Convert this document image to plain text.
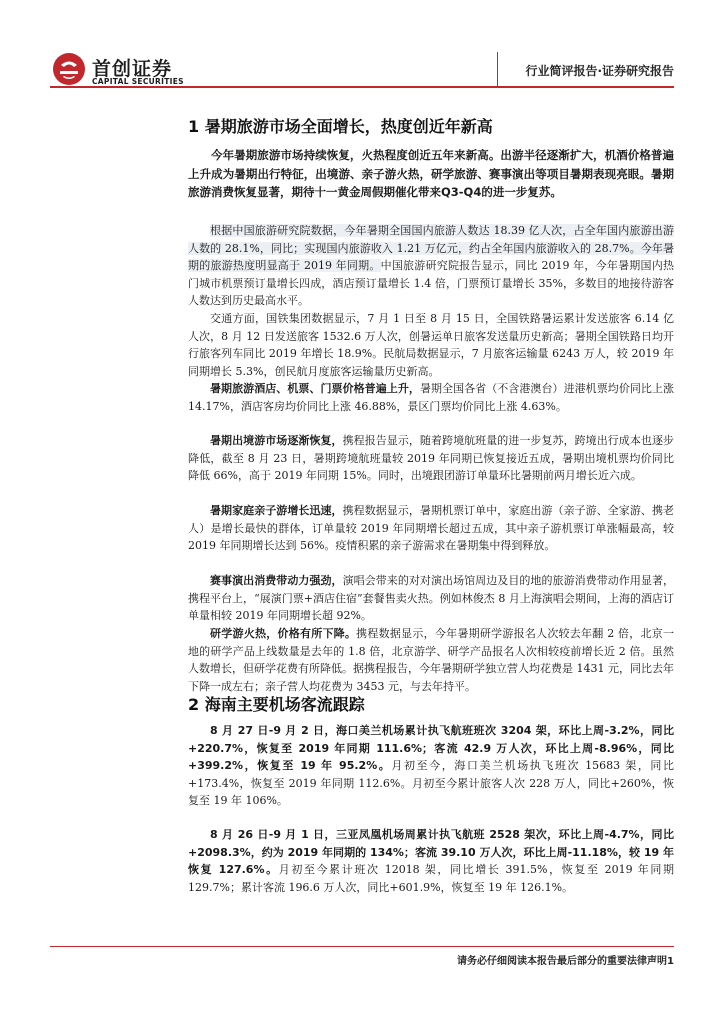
首创证券
CAPITAL SECURITIES
行业简评报告·证券研究报告
1 暑期旅游市场全面增长，热度创近年新高
今年暑期旅游市场持续恢复，火热程度创近五年来新高。出游半径逐渐扩大，机酒价格普遍上升成为暑期出行特征，出境游、亲子游火热，研学旅游、赛事演出等项目暑期表现亮眼。暑期旅游消费恢复显著，期待十一黄金周假期催化带来Q3-Q4的进一步复苏。
根据中国旅游研究院数据，今年暑期全国国内旅游人数达 18.39 亿人次，占全年国内旅游出游人数的 28.1%，同比；实现国内旅游收入 1.21 万亿元，约占全年国内旅游收入的 28.7%。今年暑期的旅游热度明显高于 2019 年同期。中国旅游研究院报告显示，同比 2019 年，今年暑期国内热门城市机票预订量增长四成，酒店预订量增长 1.4 倍，门票预订量增长 35%，多数目的地接待游客人数达到历史最高水平。
交通方面，国铁集团数据显示，7 月 1 日至 8 月 15 日，全国铁路暑运累计发送旅客 6.14 亿人次，8 月 12 日发送旅客 1532.6 万人次，创暑运单日旅客发送量历史新高；暑期全国铁路日均开行旅客列车同比 2019 年增长 18.9%。民航局数据显示，7 月旅客运输量 6243 万人，较 2019 年同期增长 5.3%，创民航月度旅客运输量历史新高。
暑期旅游酒店、机票、门票价格普遍上升，暑期全国各省（不含港澳台）进港机票均价同比上涨 14.17%，酒店客房均价同比上涨 46.88%，景区门票均价同比上涨 4.63%。
暑期出境游市场逐渐恢复，携程报告显示，随着跨境航班量的进一步复苏，跨境出行成本也逐步降低，截至 8 月 23 日，暑期跨境航班量较 2019 年同期已恢复接近五成，暑期出境机票均价同比降低 66%，高于 2019 年同期 15%。同时，出境跟团游订单量环比暑期前两月增长近六成。
暑期家庭亲子游增长迅速，携程数据显示，暑期机票订单中，家庭出游（亲子游、全家游、携老人）是增长最快的群体，订单量较 2019 年同期增长超过五成，其中亲子游机票订单涨幅最高，较 2019 年同期增长达到 56%。疫情积累的亲子游需求在暑期集中得到释放。
赛事演出消费带动力强劲，演唱会带来的对对演出场馆周边及目的地的旅游消费带动作用显著，携程平台上，“展演门票+酒店住宿”套餐售卖火热。例如林俊杰 8 月上海演唱会期间，上海的酒店订单量相较 2019 年同期增长超 92%。
研学游火热，价格有所下降。携程数据显示，今年暑期研学游报名人次较去年翻 2 倍，北京一地的研学产品上线数量是去年的 1.8 倍，北京游学、研学产品报名人次相较疫前增长近 2 倍。虽然人数增长，但研学花费有所降低。据携程报告，今年暑期研学独立营人均花费是 1431 元，同比去年下降一成左右；亲子营人均花费为 3453 元，与去年持平。
2 海南主要机场客流跟踪
8 月 27 日-9 月 2 日，海口美兰机场累计执飞航班班次 3204 架，环比上周-3.2%，同比+220.7%，恢复至 2019 年同期 111.6%；客流 42.9 万人次，环比上周-8.96%，同比+399.2%，恢复至 19 年 95.2%。月初至今，海口美兰机场执飞班次 15683 架，同比+173.4%，恢复至 2019 年同期 112.6%。月初至今累计旅客人次 228 万人，同比+260%，恢复至 19 年 106%。
8 月 26 日-9 月 1 日，三亚凤凰机场周累计执飞航班 2528 架次，环比上周-4.7%，同比+2098.3%，约为 2019 年同期的 134%；客流 39.10 万人次，环比上周-11.18%，较 19 年恢复 127.6%。月初至今累计班次 12018 架，同比增长 391.5%，恢复至 2019 年同期 129.7%；累计客流 196.6 万人次，同比+601.9%，恢复至 19 年 126.1%。
请务必仔细阅读本报告最后部分的重要法律声明1
